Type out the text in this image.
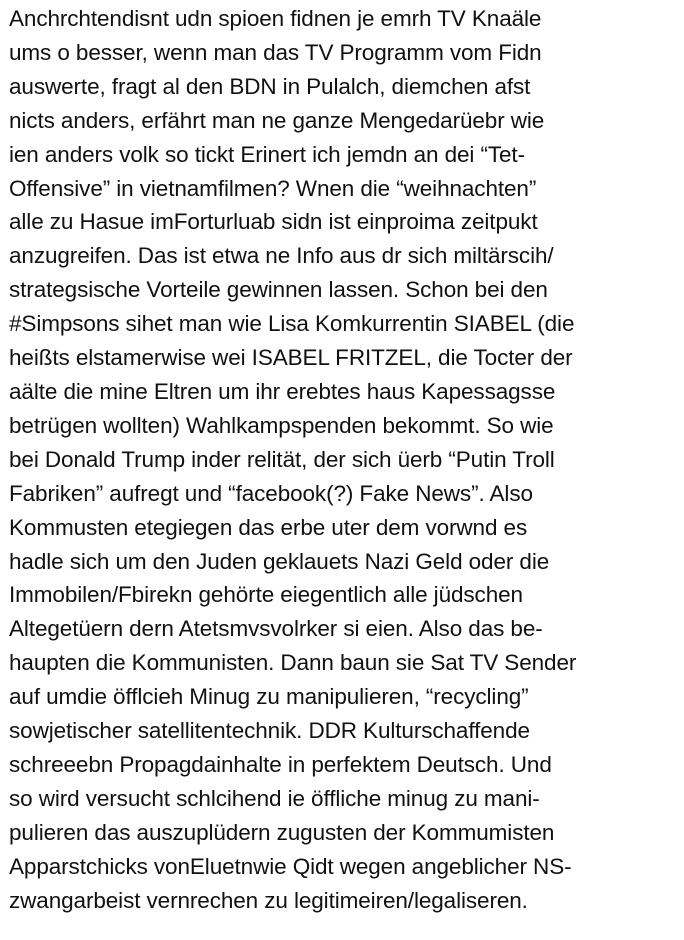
Anchrchtendisnt udn spioen fidnen je emrh TV Knaäle
ums o besser, wenn man das TV Programm vom Fidn
auswerte, fragt al den BDN in Pulalch, diemchen afst
nicts anders, erfährt man ne ganze Mengedarüebr wie
ien anders volk so tickt Erinert ich jemdn an dei “Tet-
Offensive” in vietnamfilmen? Wnen die “weihnachten”
alle zu Hasue imForturluab sidn ist einproima zeitpukt
anzugreifen. Das ist etwa ne Info aus dr sich miltärscih/
strategsische Vorteile gewinnen lassen. Schon bei den
#Simpsons sihet man wie Lisa Komkurrentin SIABEL (die
heißts elstamerwise wei ISABEL FRITZEL, die Tocter der
aälte die mine Eltren um ihr erebtes haus Kapessagsse
betrügen wollten) Wahlkampspenden bekommt. So wie
bei Donald Trump inder relität, der sich üerb “Putin Troll
Fabriken” aufregt und “facebook(?) Fake News”. Also
Kommusten etegiegen das erbe uter dem vorwnd es
hadle sich um den Juden geklauets Nazi Geld oder die
Immobilen/Fbirekn gehörte eiegentlich alle jüdschen
Altegetüern dern Atetsmvsvolrker si eien. Also das be-
haupten die Kommunisten. Dann baun sie Sat TV Sender
auf umdie öfflcieh Minug zu manipulieren, “recycling”
sowjetischer satellitentechnik. DDR Kulturschaffende
schreeebn Propagdainhalte in perfektem Deutsch. Und
so wird versucht schlcihend ie öffliche minug zu mani-
pulieren das auszuplüdern zugusten der Kommumisten
Apparstchicks vonEluetnwie Qidt wegen angeblicher NS-
zwangarbeist vernrechen zu legitimeiren/legaliseren.
